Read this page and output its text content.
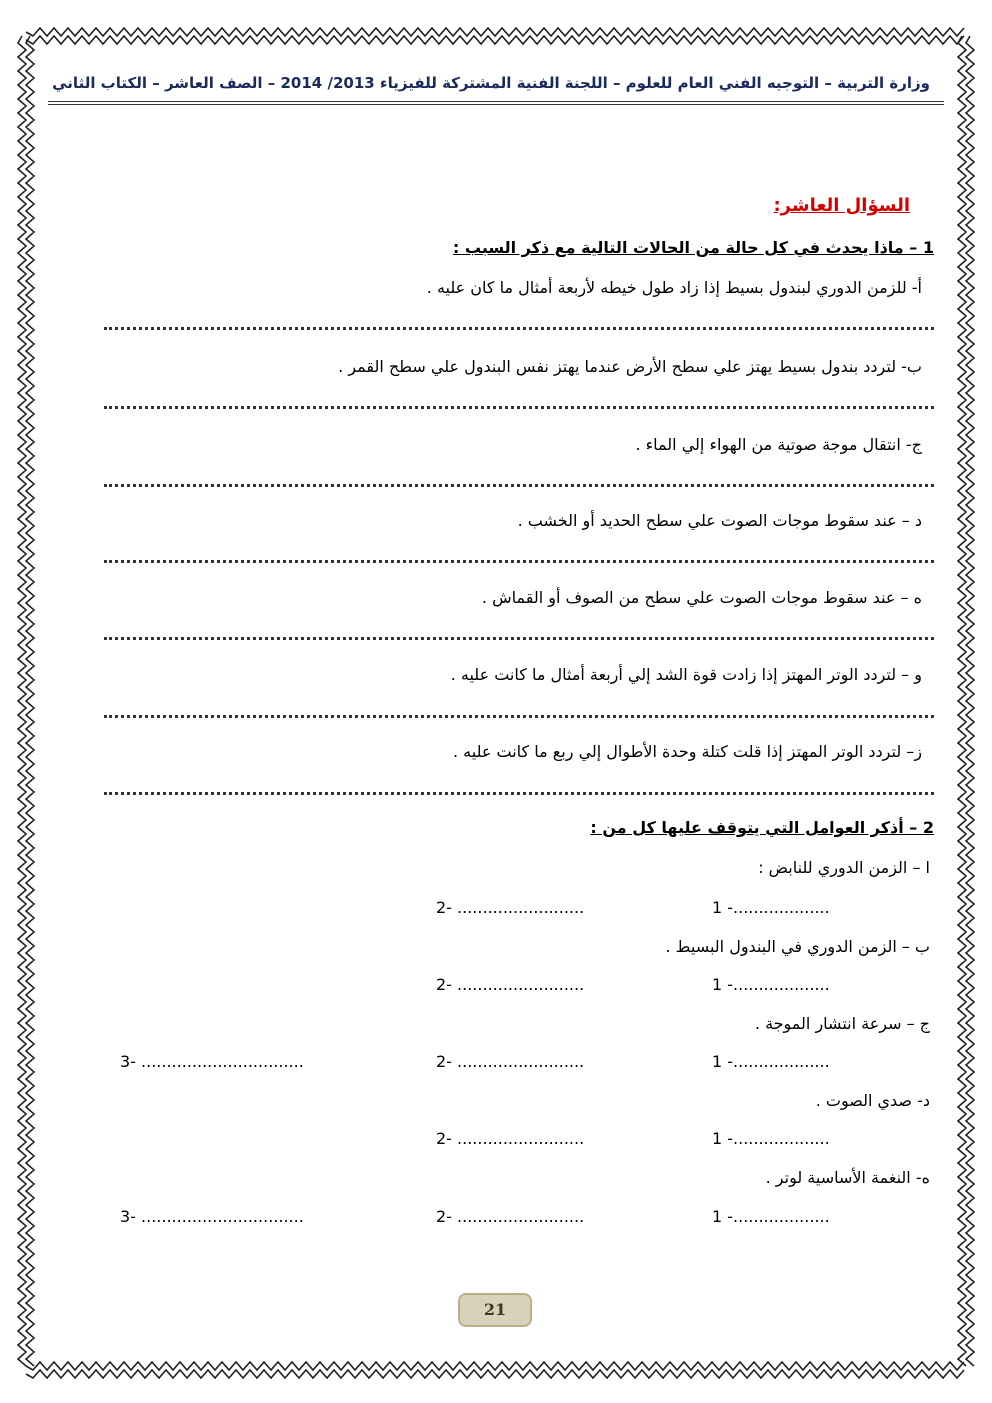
وزارة التربية – التوجيه الفني العام للعلوم – اللجنة الفنية المشتركة للفيزياء 2013/ 2014 – الصف العاشر – الكتاب الثاني
السؤال العاشر:
1 – ماذا يحدث في كل حالة من الحالات التالية مع ذكر السبب :
أ- للزمن الدوري لبندول بسيط إذا زاد طول خيطه لأربعة أمثال ما كان عليه .
ب- لتردد بندول بسيط يهتز علي سطح الأرض عندما يهتز نفس البندول علي سطح القمر .
ج- انتقال موجة صوتية من الهواء إلي الماء .
د – عند سقوط موجات الصوت علي سطح الحديد أو الخشب .
ه – عند سقوط موجات الصوت علي سطح من الصوف أو القماش .
و – لتردد الوتر المهتز إذا زادت قوة الشد إلي أربعة أمثال ما كانت عليه .
ز– لتردد الوتر المهتز إذا قلت كتلة وحدة الأطوال إلي ربع ما كانت عليه .
2 – أذكر العوامل التي يتوقف عليها كل من :
ا – الزمن الدوري للنابض :
1 -...................
2- .........................
ب – الزمن الدوري في البندول البسيط .
1 -...................
2- .........................
ج – سرعة انتشار الموجة .
1 -...................
2- .........................
3- ................................
د- صدي الصوت .
1 -...................
2- .........................
ه- النغمة الأساسية لوتر .
1 -...................
2- .........................
3- ................................
21
